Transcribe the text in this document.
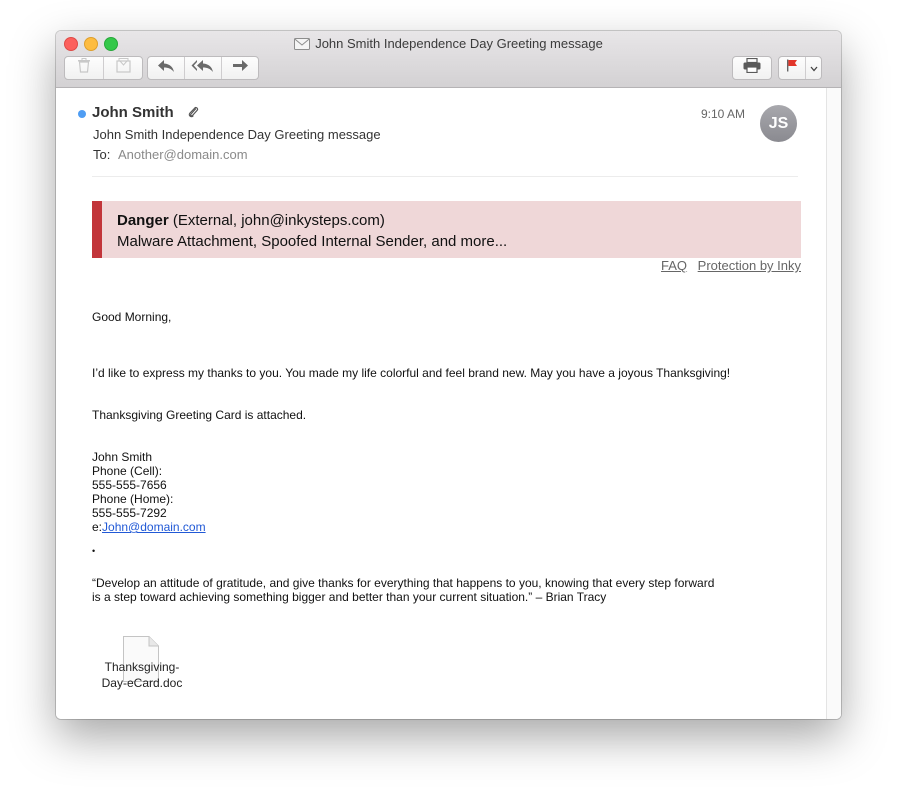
John Smith Independence Day Greeting message
John Smith
John Smith Independence Day Greeting message
To: Another@domain.com
9:10 AM
JS
Danger (External, john@inkysteps.com)
Malware Attachment, Spoofed Internal Sender, and more...
FAQ Protection by Inky
Good Morning,
I’d like to express my thanks to you. You made my life colorful and feel brand new. May you have a joyous Thanksgiving!
Thanksgiving Greeting Card is attached.
John Smith
Phone (Cell):
555-555-7656
Phone (Home):
555-555-7292
e:John@domain.com
•
“Develop an attitude of gratitude, and give thanks for everything that happens to you, knowing that every step forward
is a step toward achieving something bigger and better than your current situation.” – Brian Tracy
Thanksgiving-
Day-eCard.doc
